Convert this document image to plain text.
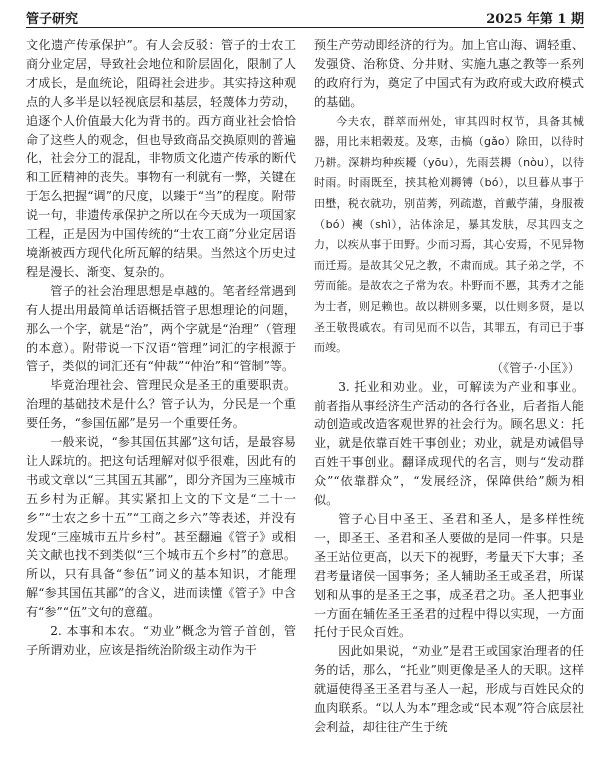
管子研究	2025 年第 1 期

文化遗产传承保护”。有人会反驳：管子的士农工商分业定居，导致社会地位和阶层固化，限制了人才成长，是血统论，阻碍社会进步。其实持这种观点的人多半是以轻视底层和基层，轻蔑体力劳动，追逐个人价值最大化为背书的。西方商业社会恰恰命了这些人的观念，但也导致商品交换原则的普遍化，社会分工的混乱，非物质文化遗产传承的断代和工匠精神的丧失。事物有一利就有一弊，关键在于怎么把握“调”的尺度，以臻于“当”的程度。附带说一句，非遗传承保护之所以在今天成为一项国家工程，正是因为中国传统的“士农工商”分业定居语境渐被西方现代化所瓦解的结果。当然这个历史过程是漫长、渐变、复杂的。

管子的社会治理思想是卓越的。笔者经常遇到有人提出用最简单话语概括管子思想理论的问题，那么一个字，就是“治”，两个字就是“治理”（管理的本意）。附带说一下汉语“管理”词汇的字根源于管子，类似的词汇还有“仲裁”“仲治”和“管制”等。

毕竟治理社会、管理民众是圣王的重要职责。治理的基础技术是什么？管子认为，分民是一个重要任务，“参国伍鄙”是另一个重要任务。

一般来说，“参其国伍其鄙”这句话，是最容易让人踩坑的。把这句话理解对似乎很难，因此有的书或文章以“三其国五其鄙”，即分齐国为三座城市五乡村为正解。其实紧扣上文的下文是“二十一乡”“士农之乡十五”“工商之乡六”等表述，并没有发现“三座城市五片乡村”。甚至翻遍《管子》或相关文献也找不到类似“三个城市五个乡村”的意思。所以，只有具备“参伍”词义的基本知识，才能理解“参其国伍其鄙”的含义，进而读懂《管子》中含有“参”“伍”文句的意蕴。

2. 本事和本农。“劝业”概念为管子首创，管子所谓劝业，应该是指统治阶级主动作为干

预生产劳动即经济的行为。加上官山海、调轻重、发强贷、治称贷、分井财、实施九惠之教等一系列的政府行为，奠定了中国式有为政府或大政府模式的基础。

今夫农，群萃而州处，审其四时权节，具备其械器，用比耒耜榖芨。及寒，击槁（gǎo）除田，以待时乃耕。深耕均种疾耰（yōu），先雨芸耨（nòu），以待时雨。时雨既至，挟其枪刈耨镈（bó），以旦暮从事于田壄，税衣就功，别苗莠，列疏遨，首戴苧蒲，身服袯（bó）襫（shì），沾体涂足，暴其发肤，尽其四支之力，以疾从事于田野。少而习焉，其心安焉，不见异物而迁焉。是故其父兄之教，不肃而成。其子弟之学，不劳而能。是故农之子常为农。朴野而不慝，其秀才之能为士者，则足赖也。故以耕则多粟，以仕则多贤，是以圣王敬畏戚农。有司见而不以告，其罪五，有司已于事而竣。

（《管子·小匡》）

3. 托业和劝业。业，可解读为产业和事业。前者指从事经济生产活动的各行各业，后者指人能动创造或改造客观世界的社会行为。顾名思义：托业，就是依靠百姓干事创业；劝业，就是劝诫倡导百姓干事创业。翻译成现代的名言，则与“发动群众”“依靠群众”，“发展经济，保障供给”颇为相似。

管子心目中圣王、圣君和圣人，是多样性统一，即圣王、圣君和圣人要做的是同一件事。只是圣王站位更高，以天下的视野，考量天下大事；圣君考量诸侯一国事务；圣人辅助圣王或圣君，所谋划和从事的是圣王之事，成圣君之功。圣人把事业一方面在辅佐圣王圣君的过程中得以实现，一方面托付于民众百姓。

因此如果说，“劝业”是君王或国家治理者的任务的话，那么，“托业”则更像是圣人的天职。这样就逼使得圣王圣君与圣人一起，形成与百姓民众的血肉联系。“以人为本”理念或“民本观”符合底层社会利益，却往往产生于统
